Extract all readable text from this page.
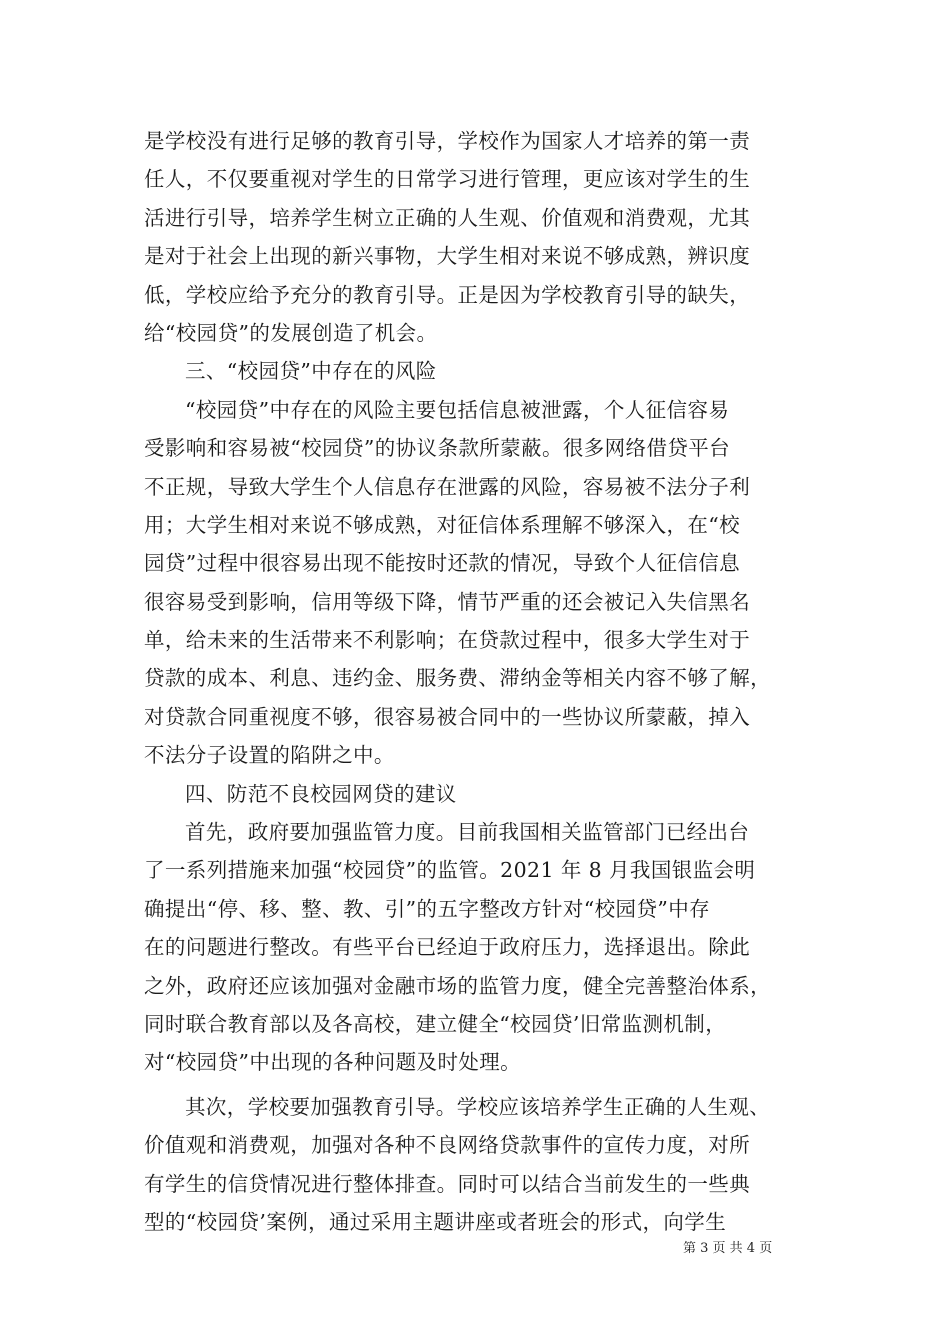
是学校没有进行足够的教育引导，学校作为国家人才培养的第一责
任人，不仅要重视对学生的日常学习进行管理，更应该对学生的生
活进行引导，培养学生树立正确的人生观、价值观和消费观，尤其
是对于社会上出现的新兴事物，大学生相对来说不够成熟，辨识度
低，学校应给予充分的教育引导。正是因为学校教育引导的缺失，
给“校园贷”的发展创造了机会。
三、“校园贷”中存在的风险
“校园贷”中存在的风险主要包括信息被泄露，个人征信容易
受影响和容易被“校园贷”的协议条款所蒙蔽。很多网络借贷平台
不正规，导致大学生个人信息存在泄露的风险，容易被不法分子利
用；大学生相对来说不够成熟，对征信体系理解不够深入，在“校
园贷”过程中很容易出现不能按时还款的情况，导致个人征信信息
很容易受到影响，信用等级下降，情节严重的还会被记入失信黑名
单，给未来的生活带来不利影响；在贷款过程中，很多大学生对于
贷款的成本、利息、违约金、服务费、滞纳金等相关内容不够了解，
对贷款合同重视度不够，很容易被合同中的一些协议所蒙蔽，掉入
不法分子设置的陷阱之中。
四、防范不良校园网贷的建议
首先，政府要加强监管力度。目前我国相关监管部门已经出台
了一系列措施来加强“校园贷”的监管。2021 年 8 月我国银监会明
确提出“停、移、整、教、引”的五字整改方针对“校园贷”中存
在的问题进行整改。有些平台已经迫于政府压力，选择退出。除此
之外，政府还应该加强对金融市场的监管力度，健全完善整治体系，
同时联合教育部以及各高校，建立健全“校园贷’旧常监测机制，
对“校园贷”中出现的各种问题及时处理。
其次，学校要加强教育引导。学校应该培养学生正确的人生观、
价值观和消费观，加强对各种不良网络贷款事件的宣传力度，对所
有学生的信贷情况进行整体排查。同时可以结合当前发生的一些典
型的“校园贷’案例，通过采用主题讲座或者班会的形式，向学生
第 3 页 共 4 页
